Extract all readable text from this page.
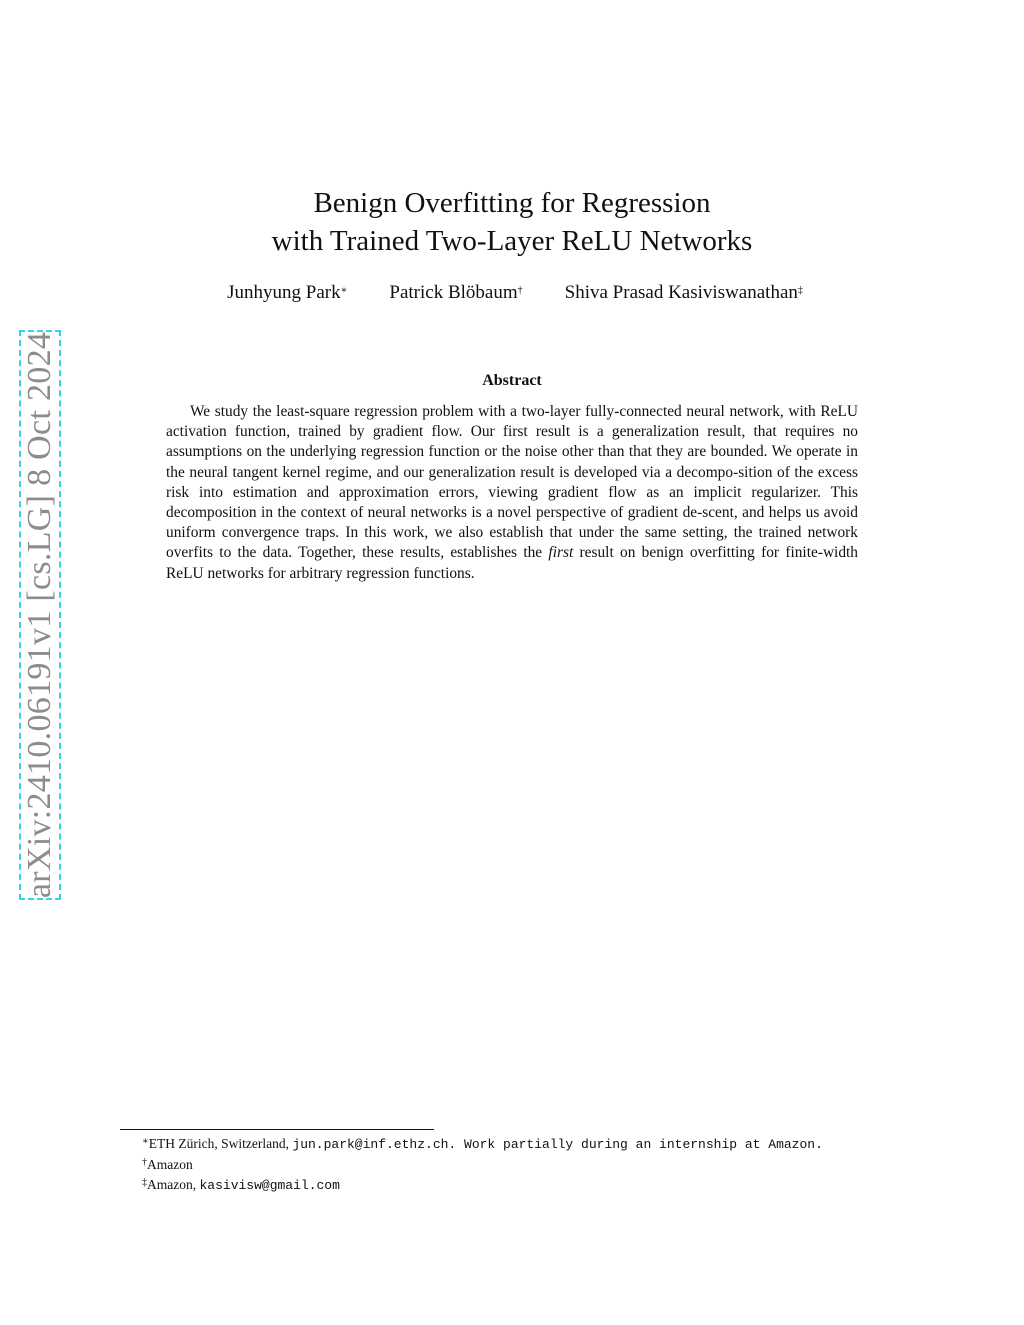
arXiv:2410.06191v1 [cs.LG] 8 Oct 2024
Benign Overfitting for Regression
with Trained Two-Layer ReLU Networks
Junhyung Park∗ Patrick Blöbaum† Shiva Prasad Kasiviswanathan‡
Abstract

We study the least-square regression problem with a two-layer fully-connected neural network, with ReLU activation function, trained by gradient flow. Our first result is a generalization result, that requires no assumptions on the underlying regression function or the noise other than that they are bounded. We operate in the neural tangent kernel regime, and our generalization result is developed via a decompo-sition of the excess risk into estimation and approximation errors, viewing gradient flow as an implicit regularizer. This decomposition in the context of neural networks is a novel perspective of gradient de-scent, and helps us avoid uniform convergence traps. In this work, we also establish that under the same setting, the trained network overfits to the data. Together, these results, establishes the first result on benign overfitting for finite-width ReLU networks for arbitrary regression functions.

∗ETH Zürich, Switzerland, jun.park@inf.ethz.ch. Work partially during an internship at Amazon.

†Amazon

‡Amazon, kasivisw@gmail.com
